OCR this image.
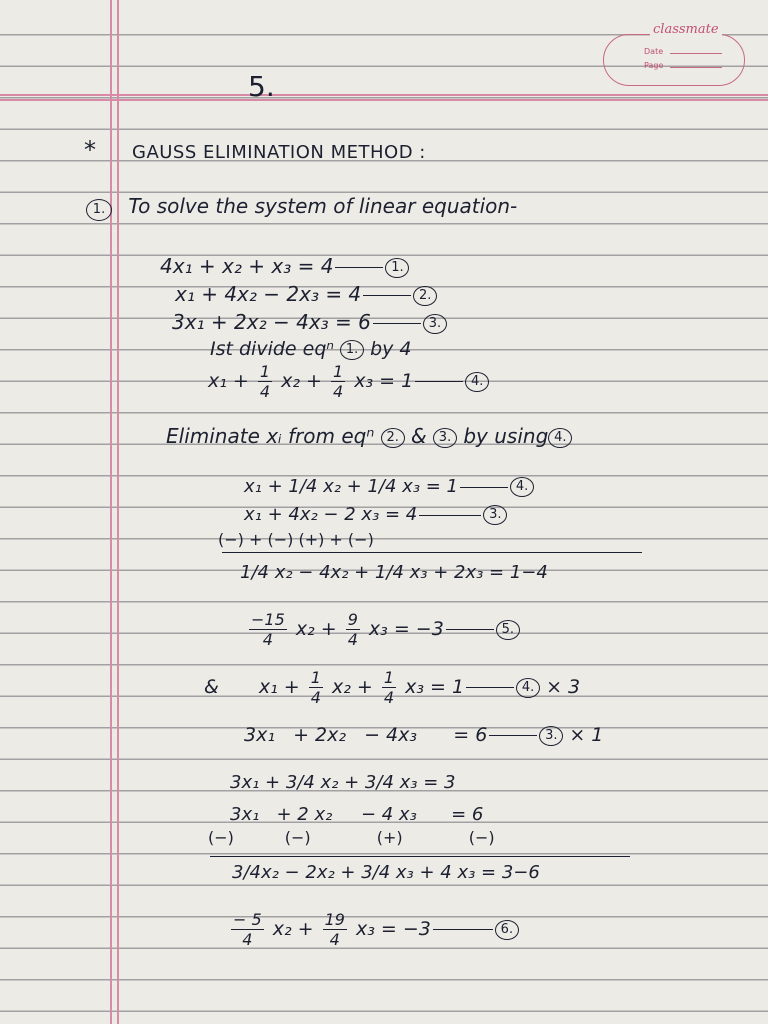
classmate
Date
Page
5.
* GAUSS ELIMINATION METHOD :
1. To solve the system of linear equation-
4x₁ + x₂ + x₃ = 4	1.
x₁ + 4x₂ − 2x₃ = 4	2.
3x₁ + 2x₂ − 4x₃ = 6	3.
Ist divide eqⁿ 1. by 4
$x_1 + \frac{1}{4} x_2 + \frac{1}{4} x_3 = 1$	4.
Eliminate xᵢ from eqⁿ 2. & 3. by using 4.
x₁ + 1/4 x₂ + 1/4 x₃ = 1	4.
x₁ + 4x₂ − 2 x₃ = 4	3.
(−) + (−) (+) + (−)
1/4 x₂ − 4x₂ + 1/4 x₃ + 2x₃ = 1−4
$\frac{-15}{4} x_2 + \frac{9}{4} x_3 = -3$	5.
& $x_1 + \frac{1}{4} x_2 + \frac{1}{4} x_3 = 1$	4. × 3
3x₁   + 2x₂   − 4x₃      = 6	3. × 1
3x₁ + 3/4 x₂ + 3/4 x₃ = 3
3x₁   + 2 x₂     − 4 x₃      = 6
(−)          (−)             (+)             (−)
3/4x₂ − 2x₂ + 3/4 x₃ + 4 x₃ = 3−6
$\frac{- 5}{4} x_2 + \frac{19}{4} x_3 = -3$	6.
